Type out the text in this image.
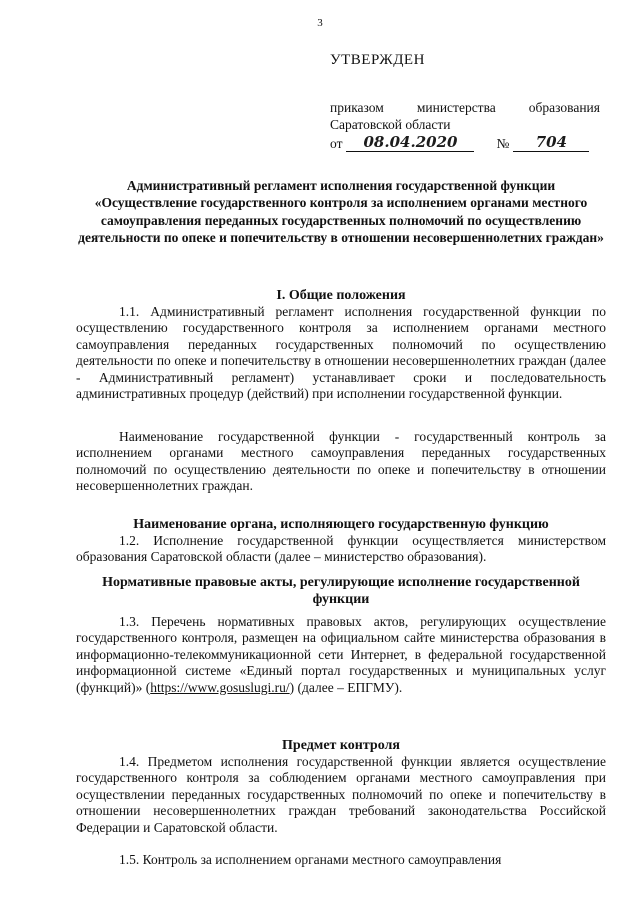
3
УТВЕРЖДЕН
приказом министерства образования
Саратовской области
от	08.04.2020	№	704
Административный регламент исполнения государственной функции «Осуществление государственного контроля за исполнением органами местного самоуправления переданных государственных полномочий по осуществлению деятельности по опеке и попечительству в отношении несовершеннолетних граждан»
I. Общие положения
1.1. Административный регламент исполнения государственной функции по осуществлению государственного контроля за исполнением органами местного самоуправления переданных государственных полномочий по осуществлению деятельности по опеке и попечительству в отношении несовершеннолетних граждан (далее - Административный регламент) устанавливает сроки и последовательность административных процедур (действий) при исполнении государственной функции.
Наименование государственной функции - государственный контроль за исполнением органами местного самоуправления переданных государственных полномочий по осуществлению деятельности по опеке и попечительству в отношении несовершеннолетних граждан.
Наименование органа, исполняющего государственную функцию
1.2. Исполнение государственной функции осуществляется министерством образования Саратовской области (далее – министерство образования).
Нормативные правовые акты, регулирующие исполнение государственной функции
1.3. Перечень нормативных правовых актов, регулирующих осуществление государственного контроля, размещен на официальном сайте министерства образования в информационно-телекоммуникационной сети Интернет, в федеральной государственной информационной системе «Единый портал государственных и муниципальных услуг (функций)» (https://www.gosuslugi.ru/) (далее – ЕПГМУ).
Предмет контроля
1.4. Предметом исполнения государственной функции является осуществление государственного контроля за соблюдением органами местного самоуправления при осуществлении переданных государственных полномочий по опеке и попечительству в отношении несовершеннолетних граждан требований законодательства Российской Федерации и Саратовской области.
1.5. Контроль за исполнением органами местного самоуправления
